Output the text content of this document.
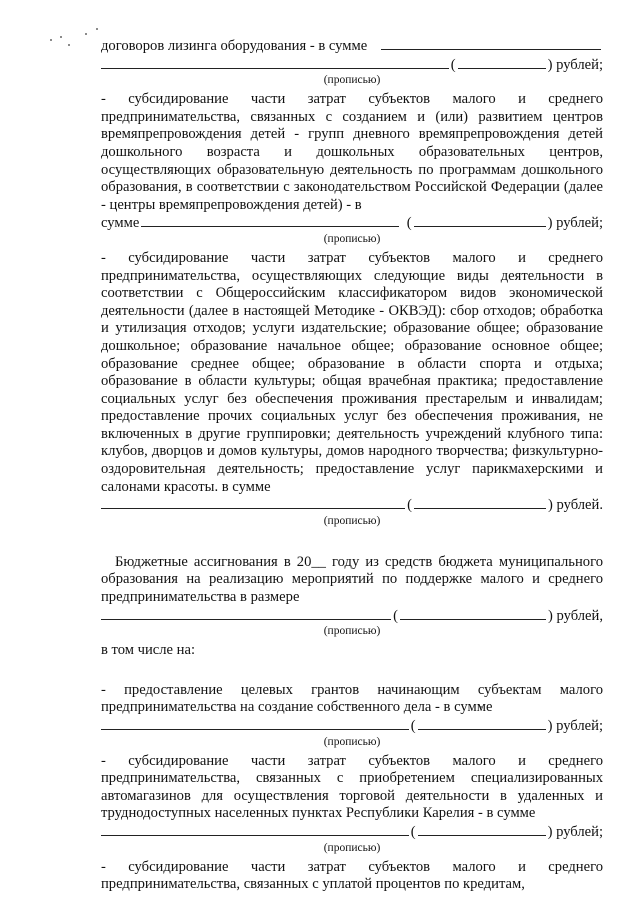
договоров лизинга оборудования - в сумме
(	) рублей;
(прописью)

- субсидирование части затрат субъектов малого и среднего предпринимательства, связанных с созданием и (или) развитием центров времяпрепровождения детей - групп дневного времяпрепровождения детей дошкольного возраста и дошкольных образовательных центров, осуществляющих образовательную деятельность по программам дошкольного образования, в соответствии с законодательством Российской Федерации (далее - центры времяпрепровождения детей) - в

сумме	(	) рублей;
(прописью)

- субсидирование части затрат субъектов малого и среднего предпринимательства, осуществляющих следующие виды деятельности в соответствии с Общероссийским классификатором видов экономической деятельности (далее в настоящей Методике - ОКВЭД): сбор отходов; обработка и утилизация отходов; услуги издательские; образование общее; образование дошкольное; образование начальное общее; образование основное общее; образование среднее общее; образование в области спорта и отдыха; образование в области культуры; общая врачебная практика; предоставление социальных услуг без обеспечения проживания престарелым и инвалидам; предоставление прочих социальных услуг без обеспечения проживания, не включенных в другие группировки; деятельность учреждений клубного типа: клубов, дворцов и домов культуры, домов народного творчества; физкультурно-оздоровительная деятельность; предоставление услуг парикмахерскими и салонами красоты. в сумме

(	) рублей.
(прописью)

Бюджетные ассигнования в 20__ году из средств бюджета муниципального образования на реализацию мероприятий по поддержке малого и среднего предпринимательства в размере

(	) рублей,
(прописью)

в том числе на:

- предоставление целевых грантов начинающим субъектам малого предпринимательства на создание собственного дела - в сумме

(	) рублей;
(прописью)

- субсидирование части затрат субъектов малого и среднего предпринимательства, связанных с приобретением специализированных автомагазинов для осуществления торговой деятельности в удаленных и труднодоступных населенных пунктах Республики Карелия - в сумме

(	) рублей;
(прописью)

- субсидирование части затрат субъектов малого и среднего предпринимательства, связанных с уплатой процентов по кредитам,
